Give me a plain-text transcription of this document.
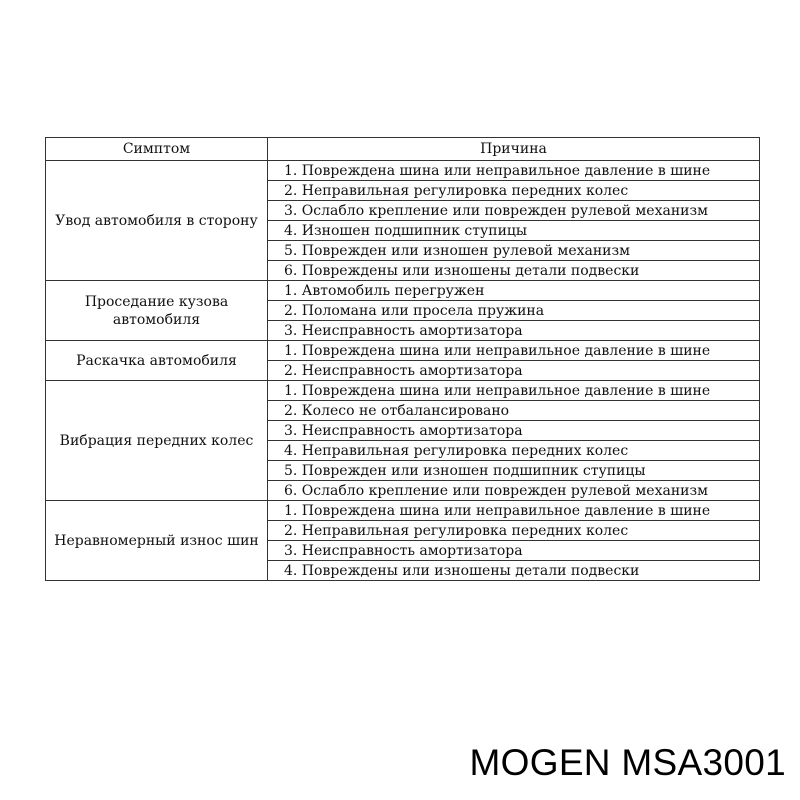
Симптом	Причина
Увод автомобиля в сторону	1. Повреждена шина или неправильное давление в шине
	2. Неправильная регулировка передних колес
	3. Ослабло крепление или поврежден рулевой механизм
	4. Изношен подшипник ступицы
	5. Поврежден или изношен рулевой механизм
	6. Повреждены или изношены детали подвески
Проседание кузова автомобиля	1. Автомобиль перегружен
	2. Поломана или просела пружина
	3. Неисправность амортизатора
Раскачка автомобиля	1. Повреждена шина или неправильное давление в шине
	2. Неисправность амортизатора
Вибрация передних колес	1. Повреждена шина или неправильное давление в шине
	2. Колесо не отбалансировано
	3. Неисправность амортизатора
	4. Неправильная регулировка передних колес
	5. Поврежден или изношен подшипник ступицы
	6. Ослабло крепление или поврежден рулевой механизм
Неравномерный износ шин	1. Повреждена шина или неправильное давление в шине
	2. Неправильная регулировка передних колес
	3. Неисправность амортизатора
	4. Повреждены или изношены детали подвески
MOGEN MSA3001
